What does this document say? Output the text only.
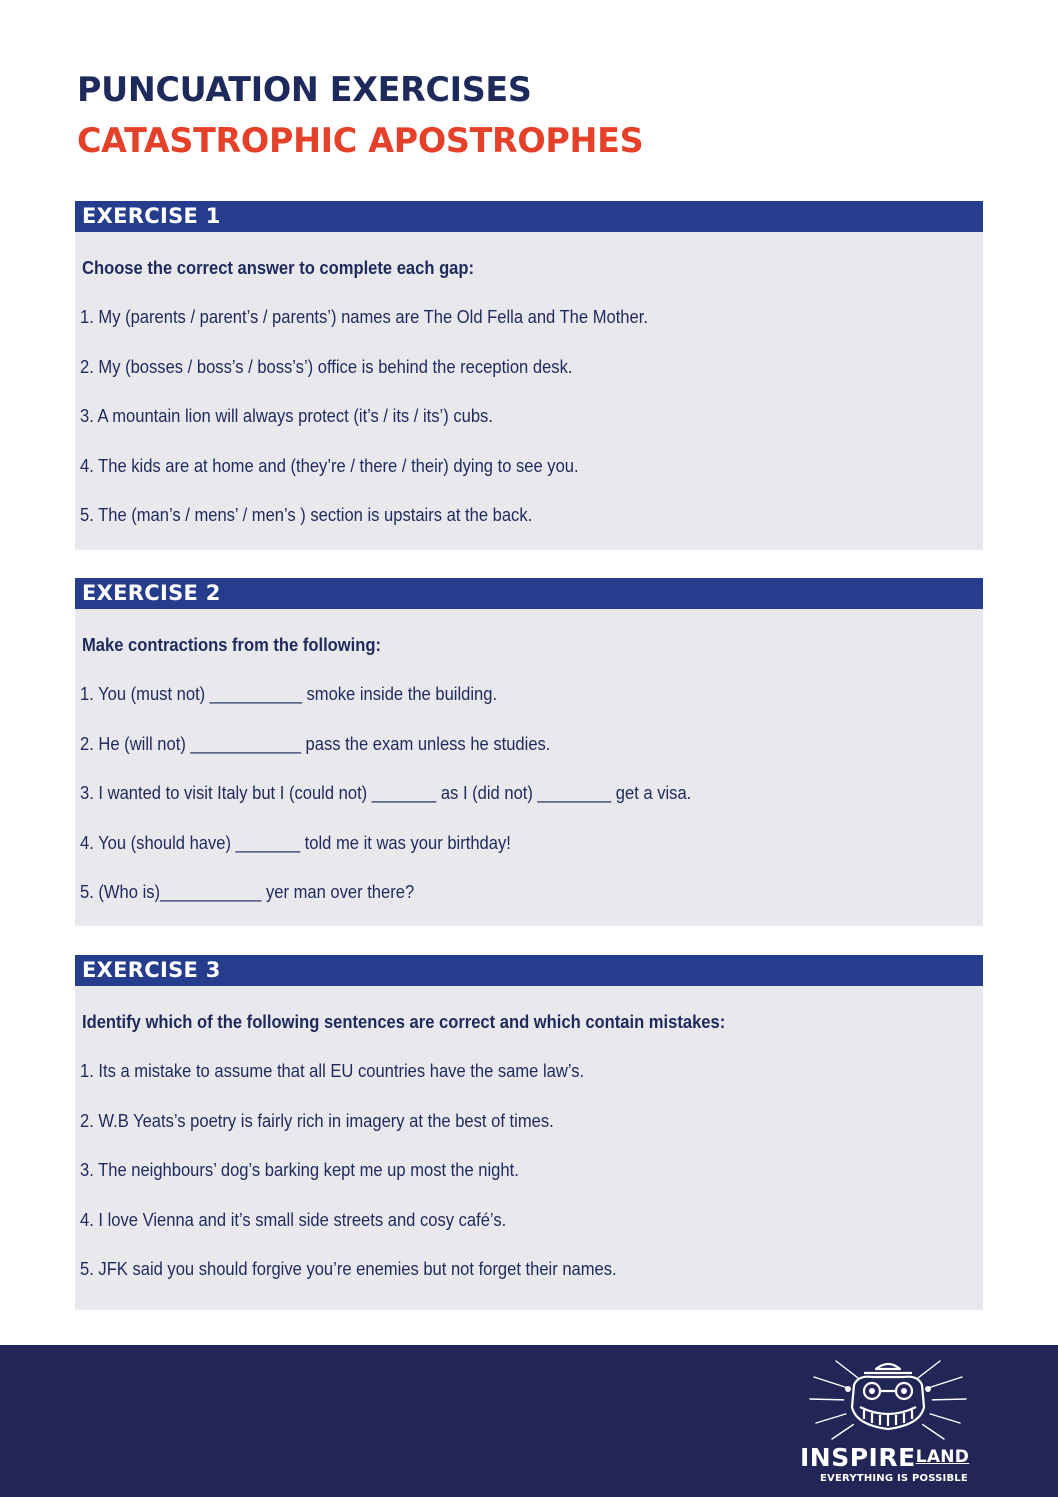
PUNCUATION EXERCISES
CATASTROPHIC APOSTROPHES
EXERCISE 1

Choose the correct answer to complete each gap:

1. My (parents / parent’s / parents’) names are The Old Fella and The Mother.
2. My (bosses / boss’s / boss’s’) office is behind the reception desk.
3. A mountain lion will always protect (it’s / its / its’) cubs.
4. The kids are at home and (they’re / there / their) dying to see you.
5. The (man’s / mens’ / men’s ) section is upstairs at the back.
EXERCISE 2

Make contractions from the following:

1. You (must not) __________ smoke inside the building.
2. He (will not) ____________ pass the exam unless he studies.
3. I wanted to visit Italy but I (could not) _______ as I (did not) ________ get a visa.
4. You (should have) _______ told me it was your birthday!
5. (Who is)___________ yer man over there?
EXERCISE 3

Identify which of the following sentences are correct and which contain mistakes:

1. Its a mistake to assume that all EU countries have the same law’s.
2. W.B Yeats’s poetry is fairly rich in imagery at the best of times.
3. The neighbours’ dog’s barking kept me up most the night.
4. I love Vienna and it’s small side streets and cosy café’s.
5. JFK said you should forgive you’re enemies but not forget their names.
INSPIRELAND
EVERYTHING IS POSSIBLE
